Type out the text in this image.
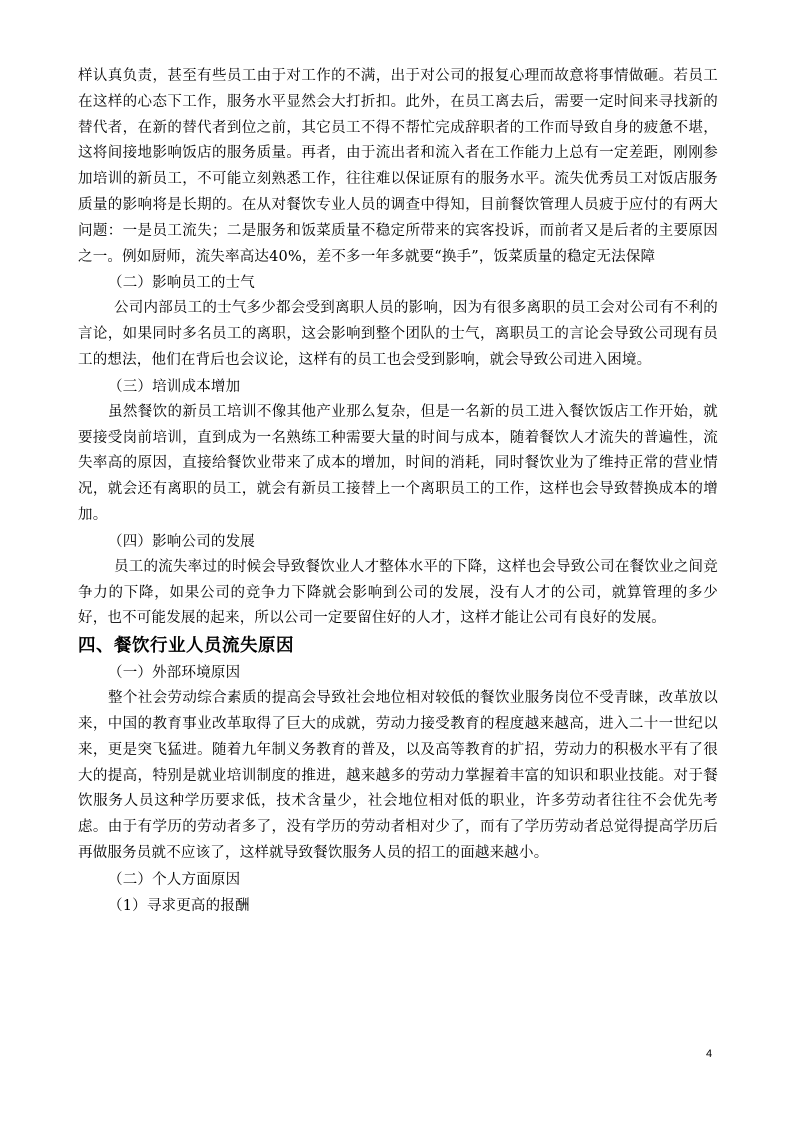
样认真负责，甚至有些员工由于对工作的不满，出于对公司的报复心理而故意将事情做砸。若员工在这样的心态下工作，服务水平显然会大打折扣。此外，在员工离去后，需要一定时间来寻找新的替代者，在新的替代者到位之前，其它员工不得不帮忙完成辞职者的工作而导致自身的疲惫不堪，这将间接地影响饭店的服务质量。再者，由于流出者和流入者在工作能力上总有一定差距，刚刚参加培训的新员工，不可能立刻熟悉工作，往往难以保证原有的服务水平。流失优秀员工对饭店服务质量的影响将是长期的。在从对餐饮专业人员的调查中得知，目前餐饮管理人员疲于应付的有两大问题：一是员工流失；二是服务和饭菜质量不稳定所带来的宾客投诉，而前者又是后者的主要原因之一。例如厨师，流失率高达40%，差不多一年多就要“换手”，饭菜质量的稳定无法保障

（二）影响员工的士气

公司内部员工的士气多少都会受到离职人员的影响，因为有很多离职的员工会对公司有不利的言论，如果同时多名员工的离职，这会影响到整个团队的士气，离职员工的言论会导致公司现有员工的想法，他们在背后也会议论，这样有的员工也会受到影响，就会导致公司进入困境。

（三）培训成本增加

虽然餐饮的新员工培训不像其他产业那么复杂，但是一名新的员工进入餐饮饭店工作开始，就要接受岗前培训，直到成为一名熟练工种需要大量的时间与成本，随着餐饮人才流失的普遍性，流失率高的原因，直接给餐饮业带来了成本的增加，时间的消耗，同时餐饮业为了维持正常的营业情况，就会还有离职的员工，就会有新员工接替上一个离职员工的工作，这样也会导致替换成本的增加。

（四）影响公司的发展

员工的流失率过的时候会导致餐饮业人才整体水平的下降，这样也会导致公司在餐饮业之间竞争力的下降，如果公司的竞争力下降就会影响到公司的发展，没有人才的公司，就算管理的多少好，也不可能发展的起来，所以公司一定要留住好的人才，这样才能让公司有良好的发展。

四、餐饮行业人员流失原因

（一）外部环境原因

整个社会劳动综合素质的提高会导致社会地位相对较低的餐饮业服务岗位不受青睐，改革放以来，中国的教育事业改革取得了巨大的成就，劳动力接受教育的程度越来越高，进入二十一世纪以来，更是突飞猛进。随着九年制义务教育的普及，以及高等教育的扩招，劳动力的积极水平有了很大的提高，特别是就业培训制度的推进，越来越多的劳动力掌握着丰富的知识和职业技能。对于餐饮服务人员这种学历要求低，技术含量少，社会地位相对低的职业，许多劳动者往往不会优先考虑。由于有学历的劳动者多了，没有学历的劳动者相对少了，而有了学历劳动者总觉得提高学历后再做服务员就不应该了，这样就导致餐饮服务人员的招工的面越来越小。

（二）个人方面原因

（1）寻求更高的报酬

4
